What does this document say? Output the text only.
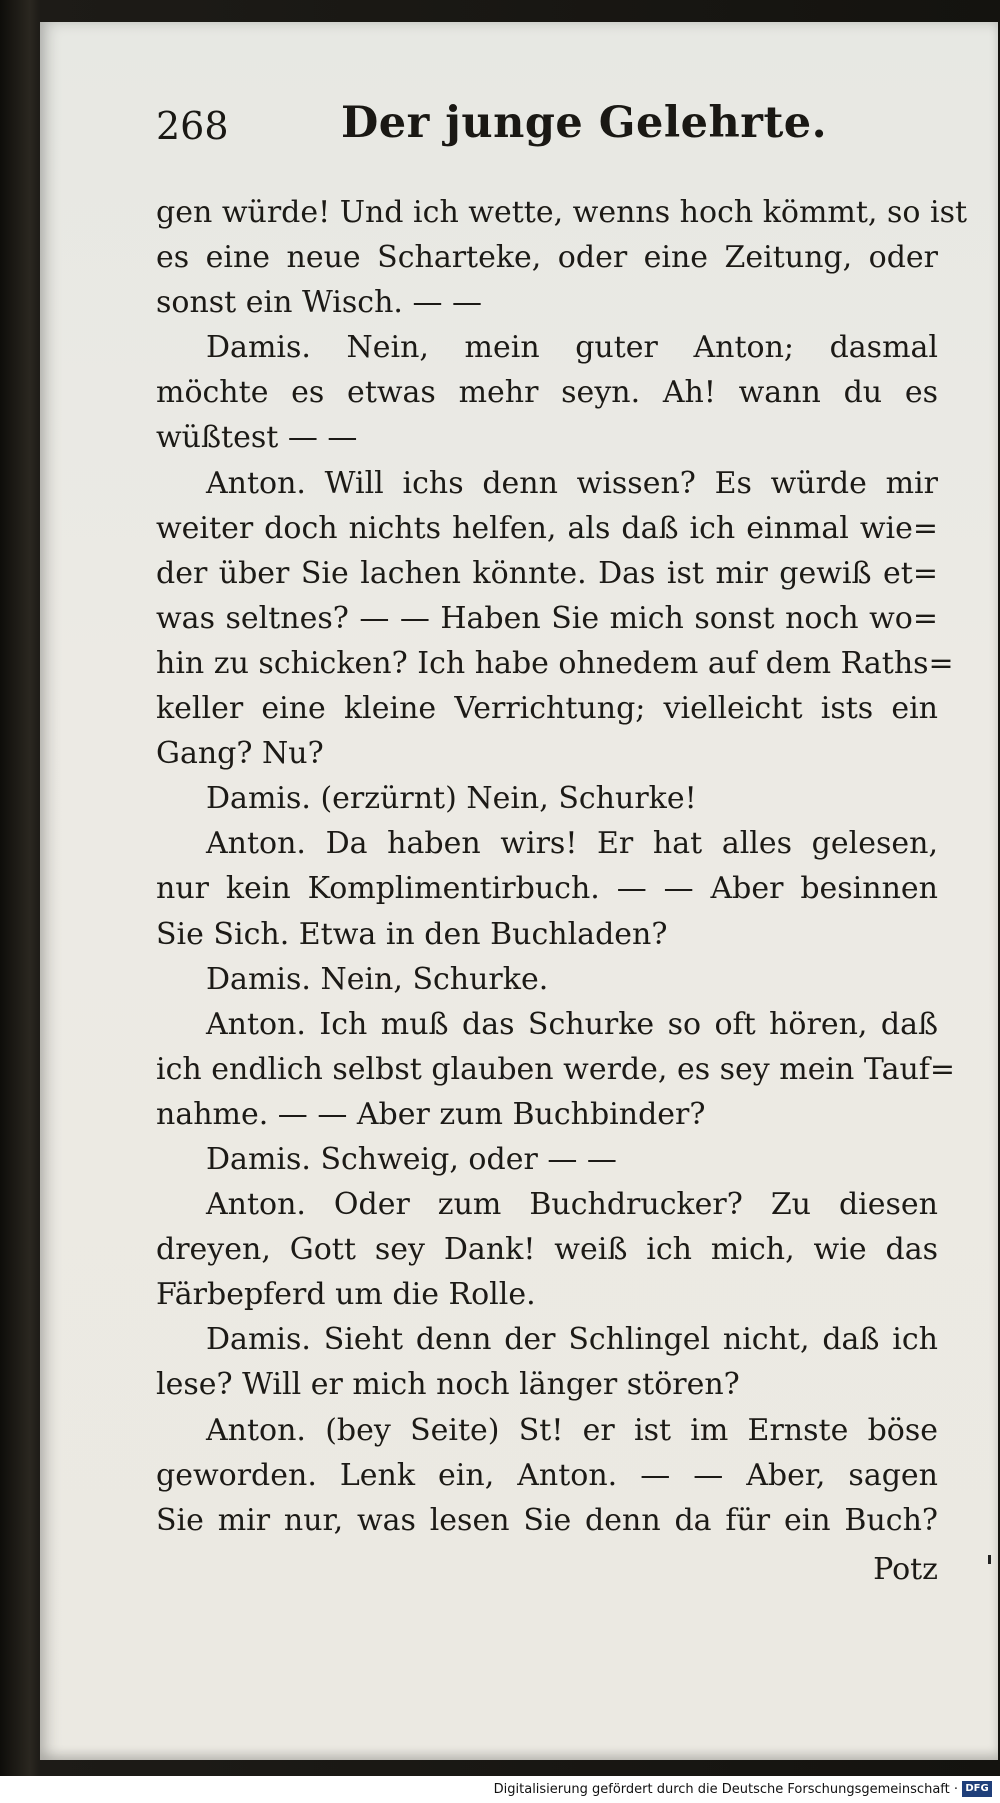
268	Der junge Gelehrte.
gen würde! Und ich wette, wenns hoch kömmt, so ist
es eine neue Scharteke, oder eine Zeitung, oder
sonst ein Wisch. — —
Damis. Nein, mein guter Anton; dasmal
möchte es etwas mehr seyn. Ah! wann du es
wüßtest — —
Anton. Will ichs denn wissen? Es würde mir
weiter doch nichts helfen, als daß ich einmal wie=
der über Sie lachen könnte. Das ist mir gewiß et=
was seltnes? — — Haben Sie mich sonst noch wo=
hin zu schicken? Ich habe ohnedem auf dem Raths=
keller eine kleine Verrichtung; vielleicht ists ein
Gang? Nu?
Damis. (erzürnt) Nein, Schurke!
Anton. Da haben wirs! Er hat alles gelesen,
nur kein Komplimentirbuch. — — Aber besinnen
Sie Sich. Etwa in den Buchladen?
Damis. Nein, Schurke.
Anton. Ich muß das Schurke so oft hören, daß
ich endlich selbst glauben werde, es sey mein Tauf=
nahme. — — Aber zum Buchbinder?
Damis. Schweig, oder — —
Anton. Oder zum Buchdrucker? Zu diesen
dreyen, Gott sey Dank! weiß ich mich, wie das
Färbepferd um die Rolle.
Damis. Sieht denn der Schlingel nicht, daß ich
lese? Will er mich noch länger stören?
Anton. (bey Seite) St! er ist im Ernste böse
geworden. Lenk ein, Anton. — — Aber, sagen
Sie mir nur, was lesen Sie denn da für ein Buch?
Potz
Digitalisierung gefördert durch die Deutsche Forschungsgemeinschaft · DFG
